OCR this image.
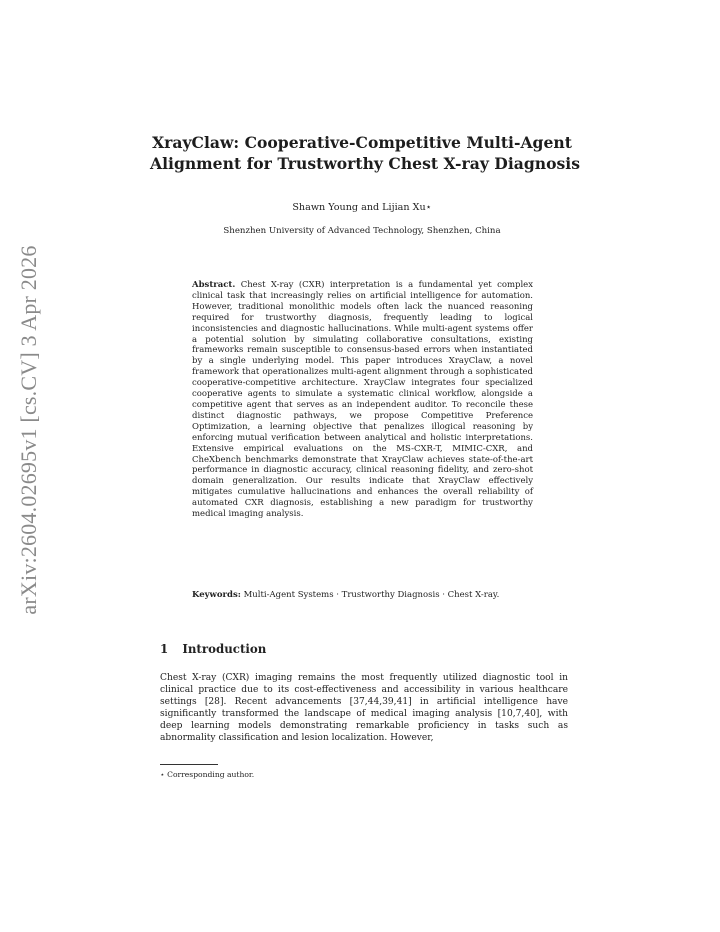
arXiv:2604.02695v1 [cs.CV] 3 Apr 2026
XrayClaw: Cooperative-Competitive Multi-Agent
Alignment for Trustworthy Chest X-ray Diagnosis
Shawn Young and Lijian Xu⋆
Shenzhen University of Advanced Technology, Shenzhen, China
Abstract. Chest X-ray (CXR) interpretation is a fundamental yet complex clinical task that increasingly relies on artificial intelligence for automation. However, traditional monolithic models often lack the nuanced reasoning required for trustworthy diagnosis, frequently leading to logical inconsistencies and diagnostic hallucinations. While multi-agent systems offer a potential solution by simulating collaborative consultations, existing frameworks remain susceptible to consensus-based errors when instantiated by a single underlying model. This paper introduces XrayClaw, a novel framework that operationalizes multi-agent alignment through a sophisticated cooperative-competitive architecture. XrayClaw integrates four specialized cooperative agents to simulate a systematic clinical workflow, alongside a competitive agent that serves as an independent auditor. To reconcile these distinct diagnostic pathways, we propose Competitive Preference Optimization, a learning objective that penalizes illogical reasoning by enforcing mutual verification between analytical and holistic interpretations. Extensive empirical evaluations on the MS-CXR-T, MIMIC-CXR, and CheXbench benchmarks demonstrate that XrayClaw achieves state-of-the-art performance in diagnostic accuracy, clinical reasoning fidelity, and zero-shot domain generalization. Our results indicate that XrayClaw effectively mitigates cumulative hallucinations and enhances the overall reliability of automated CXR diagnosis, establishing a new paradigm for trustworthy medical imaging analysis.
Keywords: Multi-Agent Systems · Trustworthy Diagnosis · Chest X-ray.
1 Introduction
Chest X-ray (CXR) imaging remains the most frequently utilized diagnostic tool in clinical practice due to its cost-effectiveness and accessibility in various healthcare settings [28]. Recent advancements [37,44,39,41] in artificial intelligence have significantly transformed the landscape of medical imaging analysis [10,7,40], with deep learning models demonstrating remarkable proficiency in tasks such as abnormality classification and lesion localization. However,
⋆ Corresponding author.
